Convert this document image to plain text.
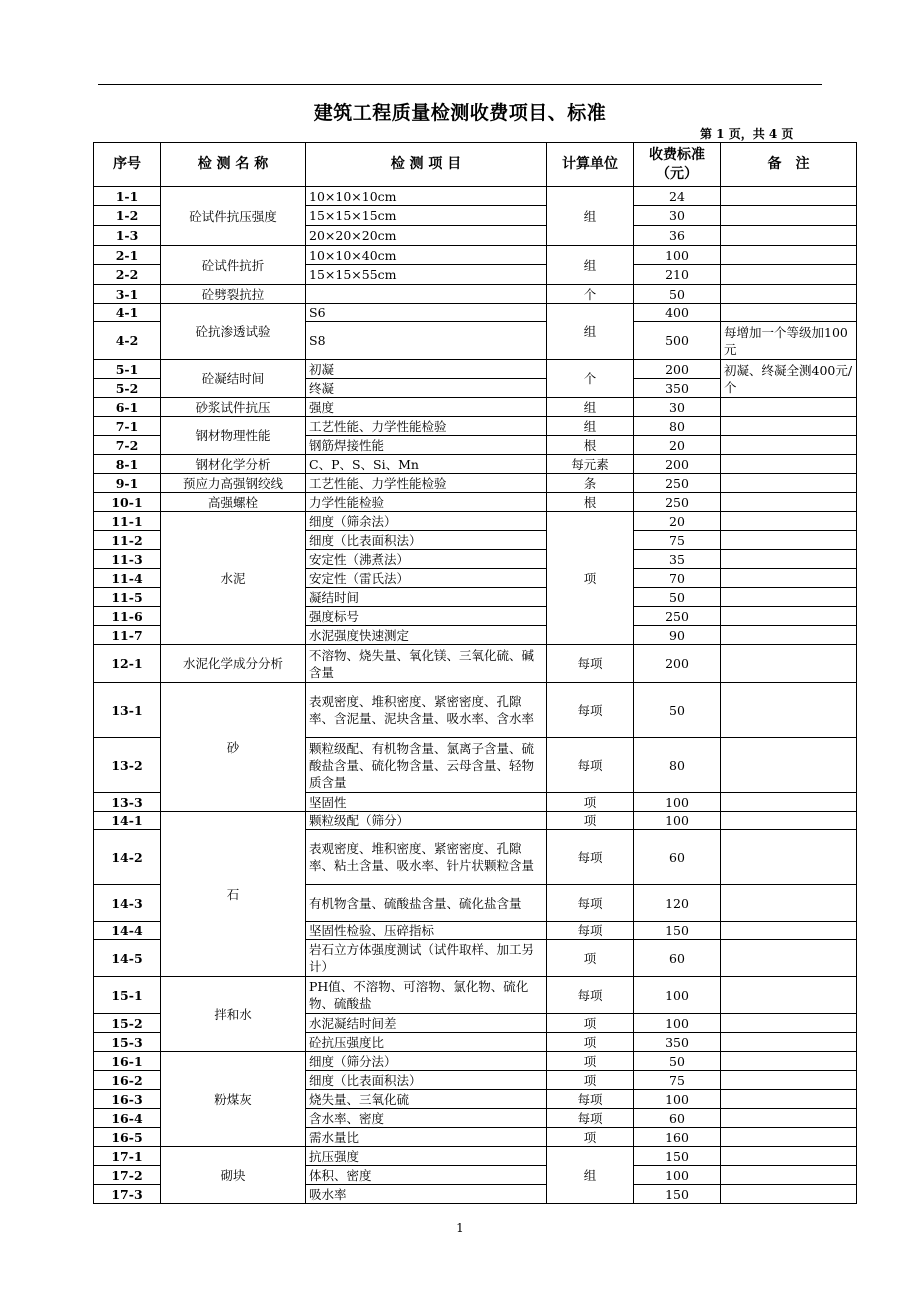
建筑工程质量检测收费项目、标准
第 1 页，共 4 页
序号	检 测 名 称	检 测 项 目	计算单位	收费标准（元）	备　注
1-1	砼试件抗压强度	10×10×10cm	组	24	
1-2		15×15×15cm		30	
1-3		20×20×20cm		36	
2-1	砼试件抗折	10×10×40cm	组	100	
2-2		15×15×55cm		210	
3-1	砼劈裂抗拉		个	50	
4-1	砼抗渗透试验	S6	组	400	
4-2		S8		500	每增加一个等级加100元
5-1	砼凝结时间	初凝	个	200	初凝、终凝全测400元/个
5-2		终凝		350	
6-1	砂浆试件抗压	强度	组	30	
7-1	钢材物理性能	工艺性能、力学性能检验	组	80	
7-2		钢筋焊接性能	根	20	
8-1	钢材化学分析	C、P、S、Si、Mn	每元素	200	
9-1	预应力高强钢绞线	工艺性能、力学性能检验	条	250	
10-1	高强螺栓	力学性能检验	根	250	
11-1	水泥	细度（筛余法）	项	20	
11-2		细度（比表面积法）		75	
11-3		安定性（沸煮法）		35	
11-4		安定性（雷氏法）		70	
11-5		凝结时间		50	
11-6		强度标号		250	
11-7		水泥强度快速测定		90	
12-1	水泥化学成分分析	不溶物、烧失量、氧化镁、三氧化硫、碱含量	每项	200	
13-1	砂	表观密度、堆积密度、紧密密度、孔隙率、含泥量、泥块含量、吸水率、含水率	每项	50	
13-2		颗粒级配、有机物含量、氯离子含量、硫酸盐含量、硫化物含量、云母含量、轻物质含量	每项	80	
13-3		坚固性	项	100	
14-1	石	颗粒级配（筛分）	项	100	
14-2		表观密度、堆积密度、紧密密度、孔隙率、粘土含量、吸水率、针片状颗粒含量	每项	60	
14-3		有机物含量、硫酸盐含量、硫化盐含量	每项	120	
14-4		坚固性检验、压碎指标	每项	150	
14-5		岩石立方体强度测试（试件取样、加工另计）	项	60	
15-1	拌和水	PH值、不溶物、可溶物、氯化物、硫化物、硫酸盐	每项	100	
15-2		水泥凝结时间差	项	100	
15-3		砼抗压强度比	项	350	
16-1	粉煤灰	细度（筛分法）	项	50	
16-2		细度（比表面积法）	项	75	
16-3		烧失量、三氧化硫	每项	100	
16-4		含水率、密度	每项	60	
16-5		需水量比	项	160	
17-1	砌块	抗压强度	组	150	
17-2		体积、密度		100	
17-3		吸水率		150	
1
